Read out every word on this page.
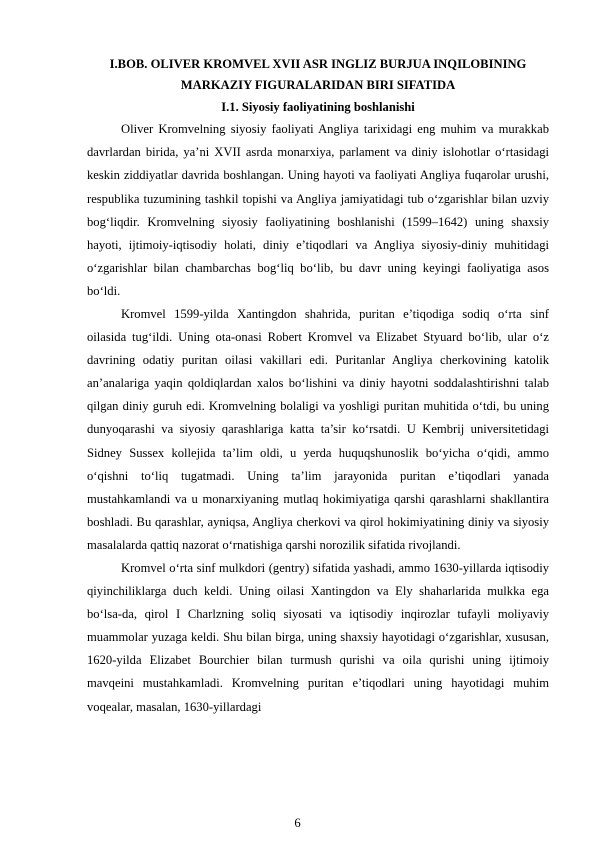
I.BOB. OLIVER KROMVEL XVII ASR INGLIZ BURJUA INQILOBINING MARKAZIY FIGURALARIDAN BIRI SIFATIDA
I.1. Siyosiy faoliyatining boshlanishi

Oliver Kromvelning siyosiy faoliyati Angliya tarixidagi eng muhim va murakkab davrlardan birida, ya’ni XVII asrda monarxiya, parlament va diniy islohotlar o‘rtasidagi keskin ziddiyatlar davrida boshlangan. Uning hayoti va faoliyati Angliya fuqarolar urushi, respublika tuzumining tashkil topishi va Angliya jamiyatidagi tub o‘zgarishlar bilan uzviy bog‘liqdir. Kromvelning siyosiy faoliyatining boshlanishi (1599–1642) uning shaxsiy hayoti, ijtimoiy-iqtisodiy holati, diniy e’tiqodlari va Angliya siyosiy-diniy muhitidagi o‘zgarishlar bilan chambarchas bog‘liq bo‘lib, bu davr uning keyingi faoliyatiga asos bo‘ldi.

Kromvel 1599-yilda Xantingdon shahrida, puritan e’tiqodiga sodiq o‘rta sinf oilasida tug‘ildi. Uning ota-onasi Robert Kromvel va Elizabet Styuard bo‘lib, ular o‘z davrining odatiy puritan oilasi vakillari edi. Puritanlar Angliya cherkovining katolik an’analariga yaqin qoldiqlardan xalos bo‘lishini va diniy hayotni soddalashtirishni talab qilgan diniy guruh edi. Kromvelning bolaligi va yoshligi puritan muhitida o‘tdi, bu uning dunyoqarashi va siyosiy qarashlariga katta ta’sir ko‘rsatdi. U Kembrij universitetidagi Sidney Sussex kollejida ta’lim oldi, u yerda huquqshunoslik bo‘yicha o‘qidi, ammo o‘qishni to‘liq tugatmadi. Uning ta’lim jarayonida puritan e’tiqodlari yanada mustahkamlandi va u monarxiyaning mutlaq hokimiyatiga qarshi qarashlarni shakllantira boshladi. Bu qarashlar, ayniqsa, Angliya cherkovi va qirol hokimiyatining diniy va siyosiy masalalarda qattiq nazorat o‘rnatishiga qarshi norozilik sifatida rivojlandi.

Kromvel o‘rta sinf mulkdori (gentry) sifatida yashadi, ammo 1630-yillarda iqtisodiy qiyinchiliklarga duch keldi. Uning oilasi Xantingdon va Ely shaharlarida mulkka ega bo‘lsa-da, qirol I Charlzning soliq siyosati va iqtisodiy inqirozlar tufayli moliyaviy muammolar yuzaga keldi. Shu bilan birga, uning shaxsiy hayotidagi o‘zgarishlar, xususan, 1620-yilda Elizabet Bourchier bilan turmush qurishi va oila qurishi uning ijtimoiy mavqeini mustahkamladi. Kromvelning puritan e’tiqodlari uning hayotidagi muhim voqealar, masalan, 1630-yillardagi

6
